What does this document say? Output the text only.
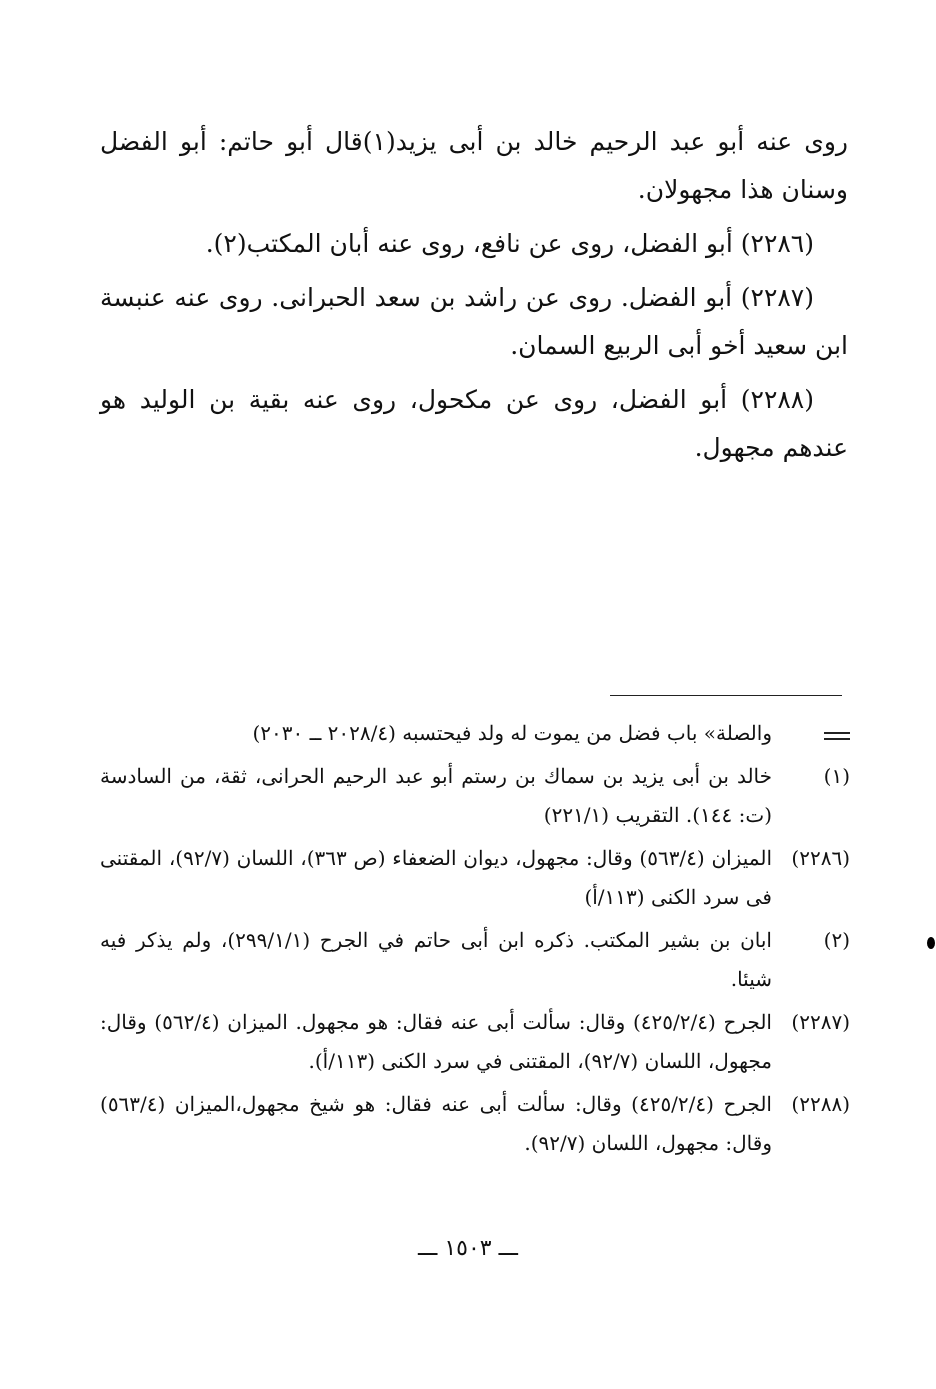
روى عنه أبو عبد الرحيم خالد بن أبى يزيد(١)قال أبو حاتم: أبو الفضل وسنان هذا مجهولان.

(٢٢٨٦) أبو الفضل، روى عن نافع، روى عنه أبان المكتب(٢).

(٢٢٨٧) أبو الفضل. روى عن راشد بن سعد الحبرانى. روى عنه عنبسة ابن سعيد أخو أبى الربيع السمان.

(٢٢٨٨) أبو الفضل، روى عن مكحول، روى عنه بقية بن الوليد هو عندهم مجهول.

والصلة» باب فضل من يموت له ولد فيحتسبه (٢٠٢٨/٤ ــ ٢٠٣٠)
(١)
خالد بن أبى يزيد بن سماك بن رستم أبو عبد الرحيم الحرانى، ثقة، من السادسة (ت: ١٤٤). التقريب (٢٢١/١)
(٢٢٨٦)
الميزان (٥٦٣/٤) وقال: مجهول، ديوان الضعفاء (ص ٣٦٣)، اللسان (٩٢/٧)، المقتنى فى سرد الكنى (١١٣/أ)
(٢)
ابان بن بشير المكتب. ذكره ابن أبى حاتم في الجرح (٢٩٩/١/١)، ولم يذكر فيه شيئا.
(٢٢٨٧)
الجرح (٤٢٥/٢/٤) وقال: سألت أبى عنه فقال: هو مجهول. الميزان (٥٦٢/٤) وقال: مجهول، اللسان (٩٢/٧)، المقتنى في سرد الكنى (١١٣/أ).
(٢٢٨٨)
الجرح (٤٢٥/٢/٤) وقال: سألت أبى عنه فقال: هو شيخ مجهول،الميزان (٥٦٣/٤) وقال: مجهول، اللسان (٩٢/٧).
ـــ ١٥٠٣ ـــ
